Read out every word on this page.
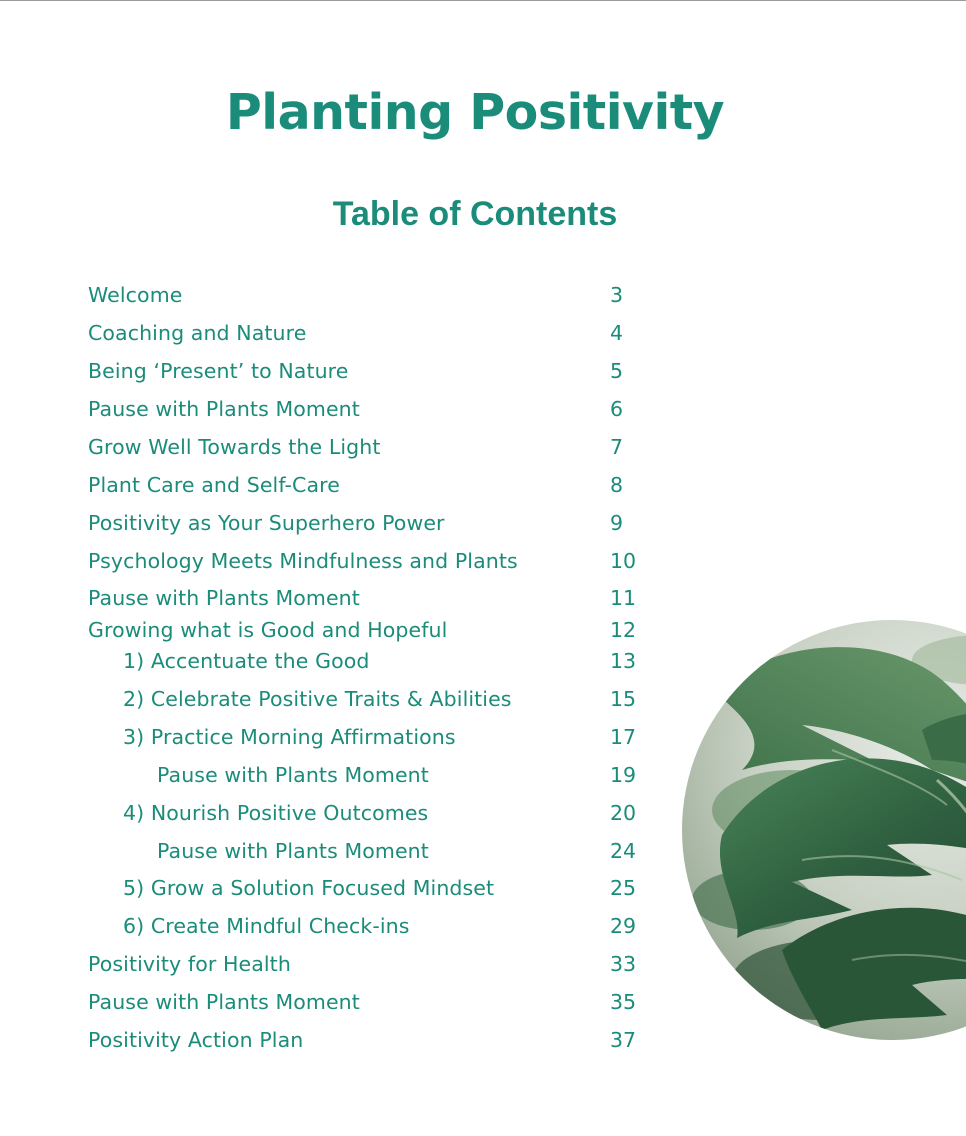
Planting Positivity
Table of Contents
Welcome	3
Coaching and Nature	4
Being ‘Present’ to Nature	5
Pause with Plants Moment	6
Grow Well Towards the Light	7
Plant Care and Self-Care	8
Positivity as Your Superhero Power	9
Psychology Meets Mindfulness and Plants	10
Pause with Plants Moment	11
Growing what is Good and Hopeful	12
1) Accentuate the Good	13
2) Celebrate Positive Traits & Abilities	15
3) Practice Morning Affirmations	17
Pause with Plants Moment	19
4) Nourish Positive Outcomes	20
Pause with Plants Moment	24
5) Grow a Solution Focused Mindset	25
6) Create Mindful Check-ins	29
Positivity for Health	33
Pause with Plants Moment	35
Positivity Action Plan	37
